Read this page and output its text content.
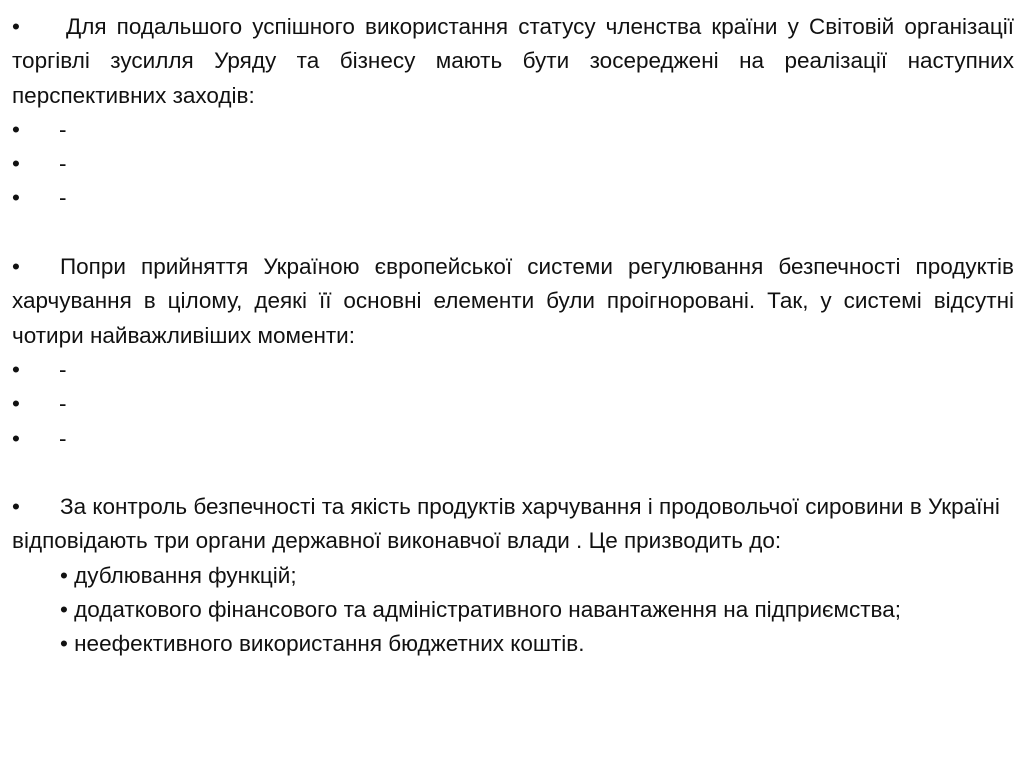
• Для подальшого успішного використання статусу членства країни у Світовій організації торгівлі зусилля Уряду та бізнесу мають бути зосереджені на реалізації наступних перспективних заходів:

• -
• -
• -

• Попри прийняття Україною європейської системи регулювання безпечності продуктів харчування в цілому, деякі її основні елементи були проігноровані. Так, у системі відсутні чотири найважливіших моменти:

• -
• -
• -

• За контроль безпечності та якість продуктів харчування і продовольчої сировини в Україні відповідають три органи державної виконавчої влади . Це призводить до:

• дублювання функцій;

• додаткового фінансового та адміністративного навантаження на підприємства;

• неефективного використання бюджетних коштів.
